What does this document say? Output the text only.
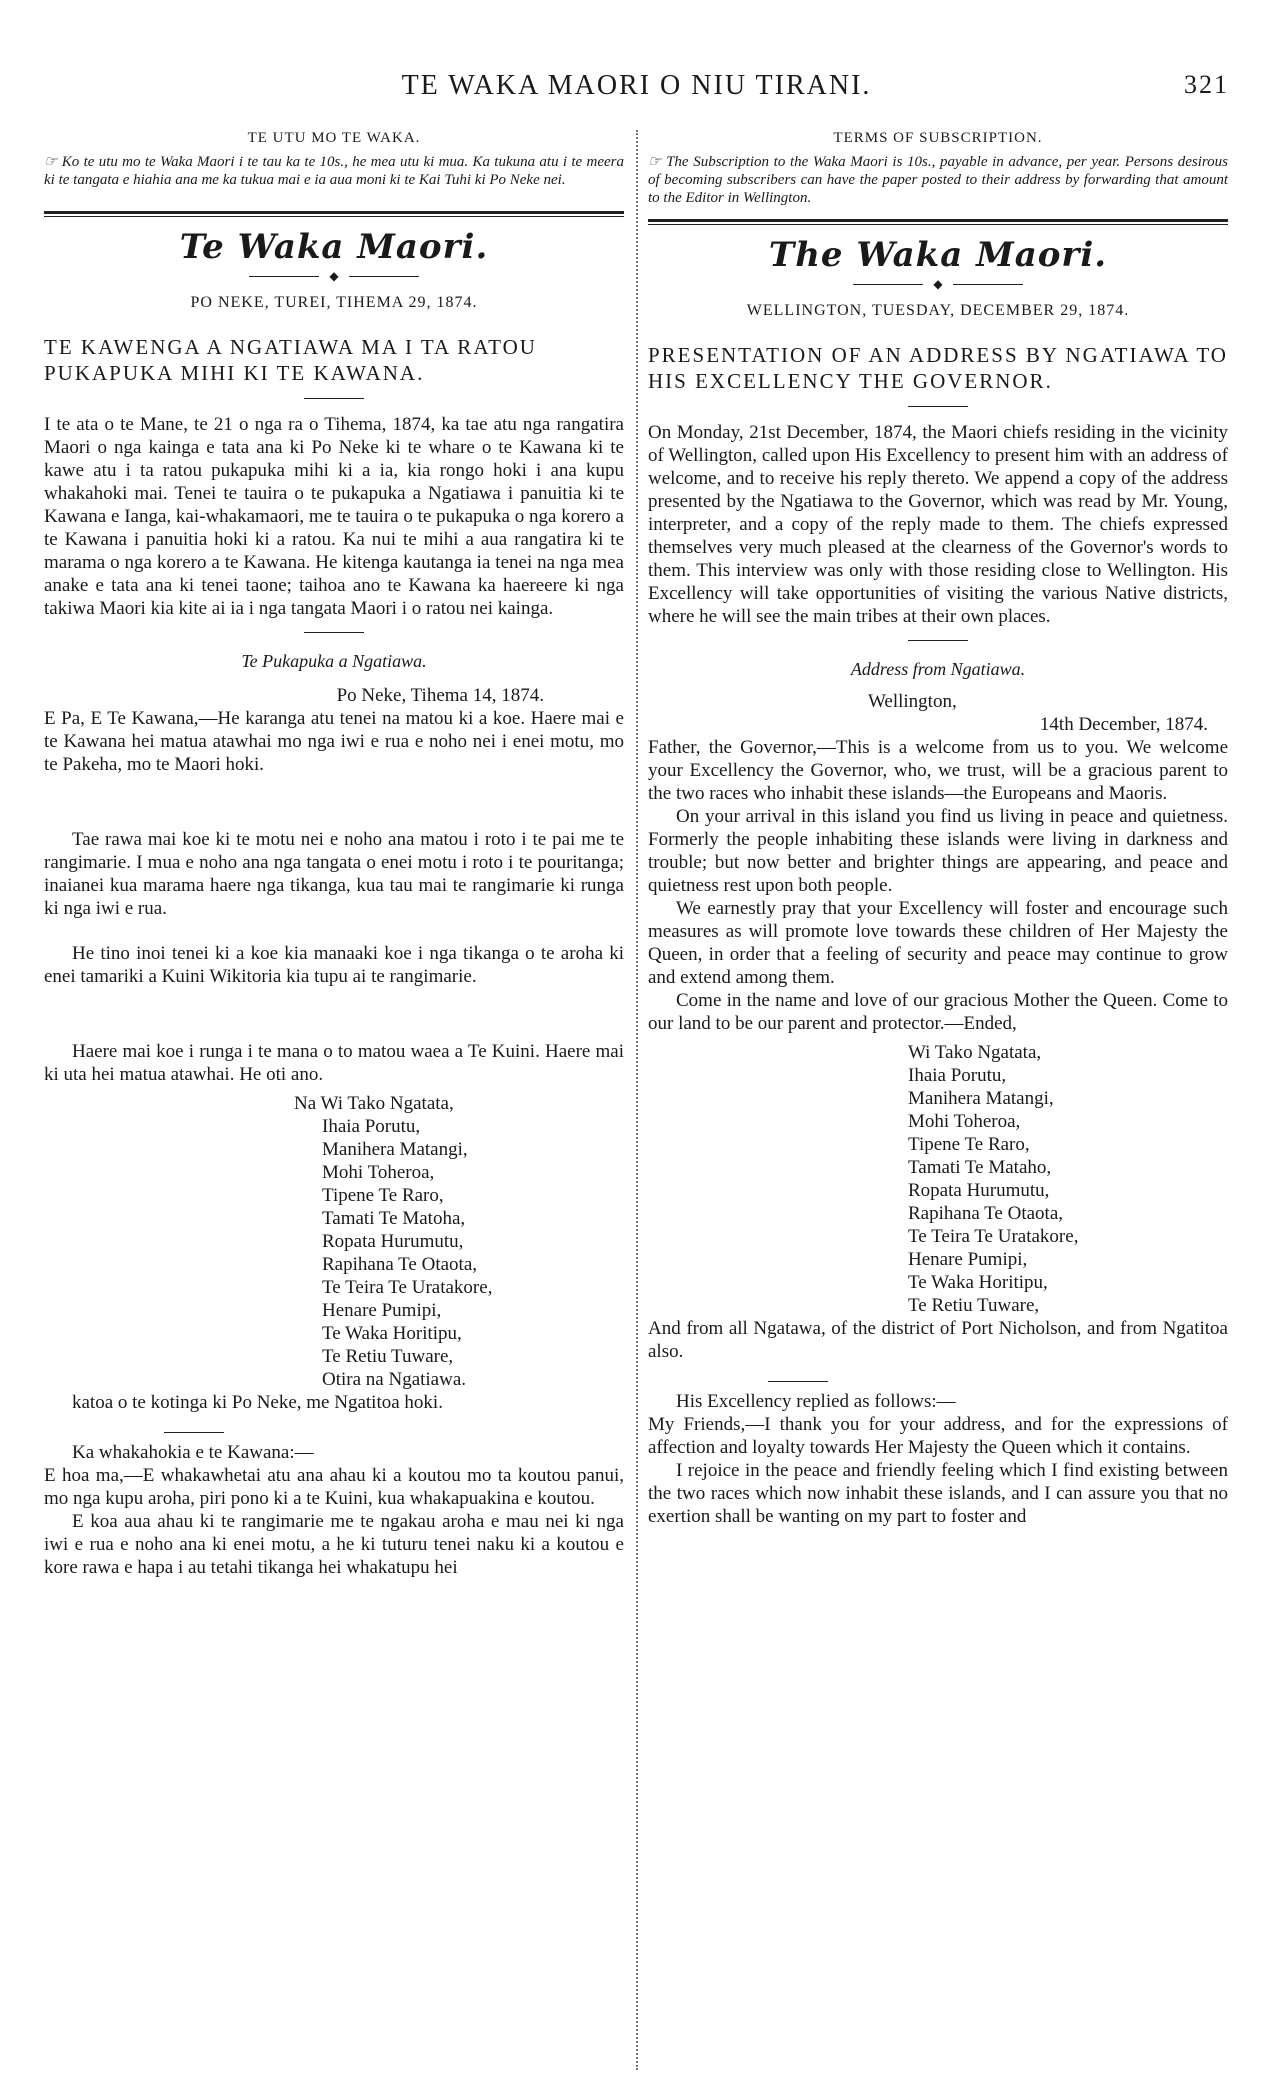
TE WAKA MAORI O NIU TIRANI.	321
TE UTU MO TE WAKA.
☞ Ko te utu mo te Waka Maori i te tau ka te 10s., he mea utu ki mua. Ka tukuna atu i te meera ki te tangata e hiahia ana me ka tukua mai e ia aua moni ki te Kai Tuhi ki Po Neke nei.
Te Waka Maori.
◆
PO NEKE, TUREI, TIHEMA 29, 1874.
TE KAWENGA A NGATIAWA MA I TA RATOU PUKAPUKA MIHI KI TE KAWANA.

I te ata o te Mane, te 21 o nga ra o Tihema, 1874, ka tae atu nga rangatira Maori o nga kainga e tata ana ki Po Neke ki te whare o te Kawana ki te kawe atu i ta ratou pukapuka mihi ki a ia, kia rongo hoki i ana kupu whakahoki mai. Tenei te tauira o te pukapuka a Ngatiawa i panuitia ki te Kawana e Ianga, kai-whakamaori, me te tauira o te pukapuka o nga korero a te Kawana i panuitia hoki ki a ratou. Ka nui te mihi a aua rangatira ki te marama o nga korero a te Kawana. He kitenga kautanga ia tenei na nga mea anake e tata ana ki tenei taone; taihoa ano te Kawana ka haereere ki nga takiwa Maori kia kite ai ia i nga tangata Maori i o ratou nei kainga.

Te Pukapuka a Ngatiawa.
Po Neke, Tihema 14, 1874.

E Pa, E Te Kawana,—He karanga atu tenei na matou ki a koe. Haere mai e te Kawana hei matua atawhai mo nga iwi e rua e noho nei i enei motu, mo te Pakeha, mo te Maori hoki.

Tae rawa mai koe ki te motu nei e noho ana matou i roto i te pai me te rangimarie. I mua e noho ana nga tangata o enei motu i roto i te pouritanga; inaianei kua marama haere nga tikanga, kua tau mai te rangimarie ki runga ki nga iwi e rua.

He tino inoi tenei ki a koe kia manaaki koe i nga tikanga o te aroha ki enei tamariki a Kuini Wikitoria kia tupu ai te rangimarie.

Haere mai koe i runga i te mana o to matou waea a Te Kuini. Haere mai ki uta hei matua atawhai. He oti ano.

Na Wi Tako Ngatata,
Ihaia Porutu,
Manihera Matangi,
Mohi Toheroa,
Tipene Te Raro,
Tamati Te Matoha,
Ropata Hurumutu,
Rapihana Te Otaota,
Te Teira Te Uratakore,
Henare Pumipi,
Te Waka Horitipu,
Te Retiu Tuware,
Otira na Ngatiawa.

katoa o te kotinga ki Po Neke, me Ngatitoa hoki.

Ka whakahokia e te Kawana:—

E hoa ma,—E whakawhetai atu ana ahau ki a koutou mo ta koutou panui, mo nga kupu aroha, piri pono ki a te Kuini, kua whakapuakina e koutou.

E koa aua ahau ki te rangimarie me te ngakau aroha e mau nei ki nga iwi e rua e noho ana ki enei motu, a he ki tuturu tenei naku ki a koutou e kore rawa e hapa i au tetahi tikanga hei whakatupu hei

TERMS OF SUBSCRIPTION.
☞ The Subscription to the Waka Maori is 10s., payable in advance, per year. Persons desirous of becoming subscribers can have the paper posted to their address by forwarding that amount to the Editor in Wellington.
The Waka Maori.
◆
WELLINGTON, TUESDAY, DECEMBER 29, 1874.
PRESENTATION OF AN ADDRESS BY NGATIAWA TO HIS EXCELLENCY THE GOVERNOR.

On Monday, 21st December, 1874, the Maori chiefs residing in the vicinity of Wellington, called upon His Excellency to present him with an address of welcome, and to receive his reply thereto. We append a copy of the address presented by the Ngatiawa to the Governor, which was read by Mr. Young, interpreter, and a copy of the reply made to them. The chiefs expressed themselves very much pleased at the clearness of the Governor's words to them. This interview was only with those residing close to Wellington. His Excellency will take opportunities of visiting the various Native districts, where he will see the main tribes at their own places.

Address from Ngatiawa.
Wellington,
14th December, 1874.

Father, the Governor,—This is a welcome from us to you. We welcome your Excellency the Governor, who, we trust, will be a gracious parent to the two races who inhabit these islands—the Europeans and Maoris.

On your arrival in this island you find us living in peace and quietness. Formerly the people inhabiting these islands were living in darkness and trouble; but now better and brighter things are appearing, and peace and quietness rest upon both people.

We earnestly pray that your Excellency will foster and encourage such measures as will promote love towards these children of Her Majesty the Queen, in order that a feeling of security and peace may continue to grow and extend among them.

Come in the name and love of our gracious Mother the Queen. Come to our land to be our parent and protector.—Ended,

Wi Tako Ngatata,
Ihaia Porutu,
Manihera Matangi,
Mohi Toheroa,
Tipene Te Raro,
Tamati Te Mataho,
Ropata Hurumutu,
Rapihana Te Otaota,
Te Teira Te Uratakore,
Henare Pumipi,
Te Waka Horitipu,
Te Retiu Tuware,

And from all Ngatawa, of the district of Port Nicholson, and from Ngatitoa also.

His Excellency replied as follows:—

My Friends,—I thank you for your address, and for the expressions of affection and loyalty towards Her Majesty the Queen which it contains.

I rejoice in the peace and friendly feeling which I find existing between the two races which now inhabit these islands, and I can assure you that no exertion shall be wanting on my part to foster and
